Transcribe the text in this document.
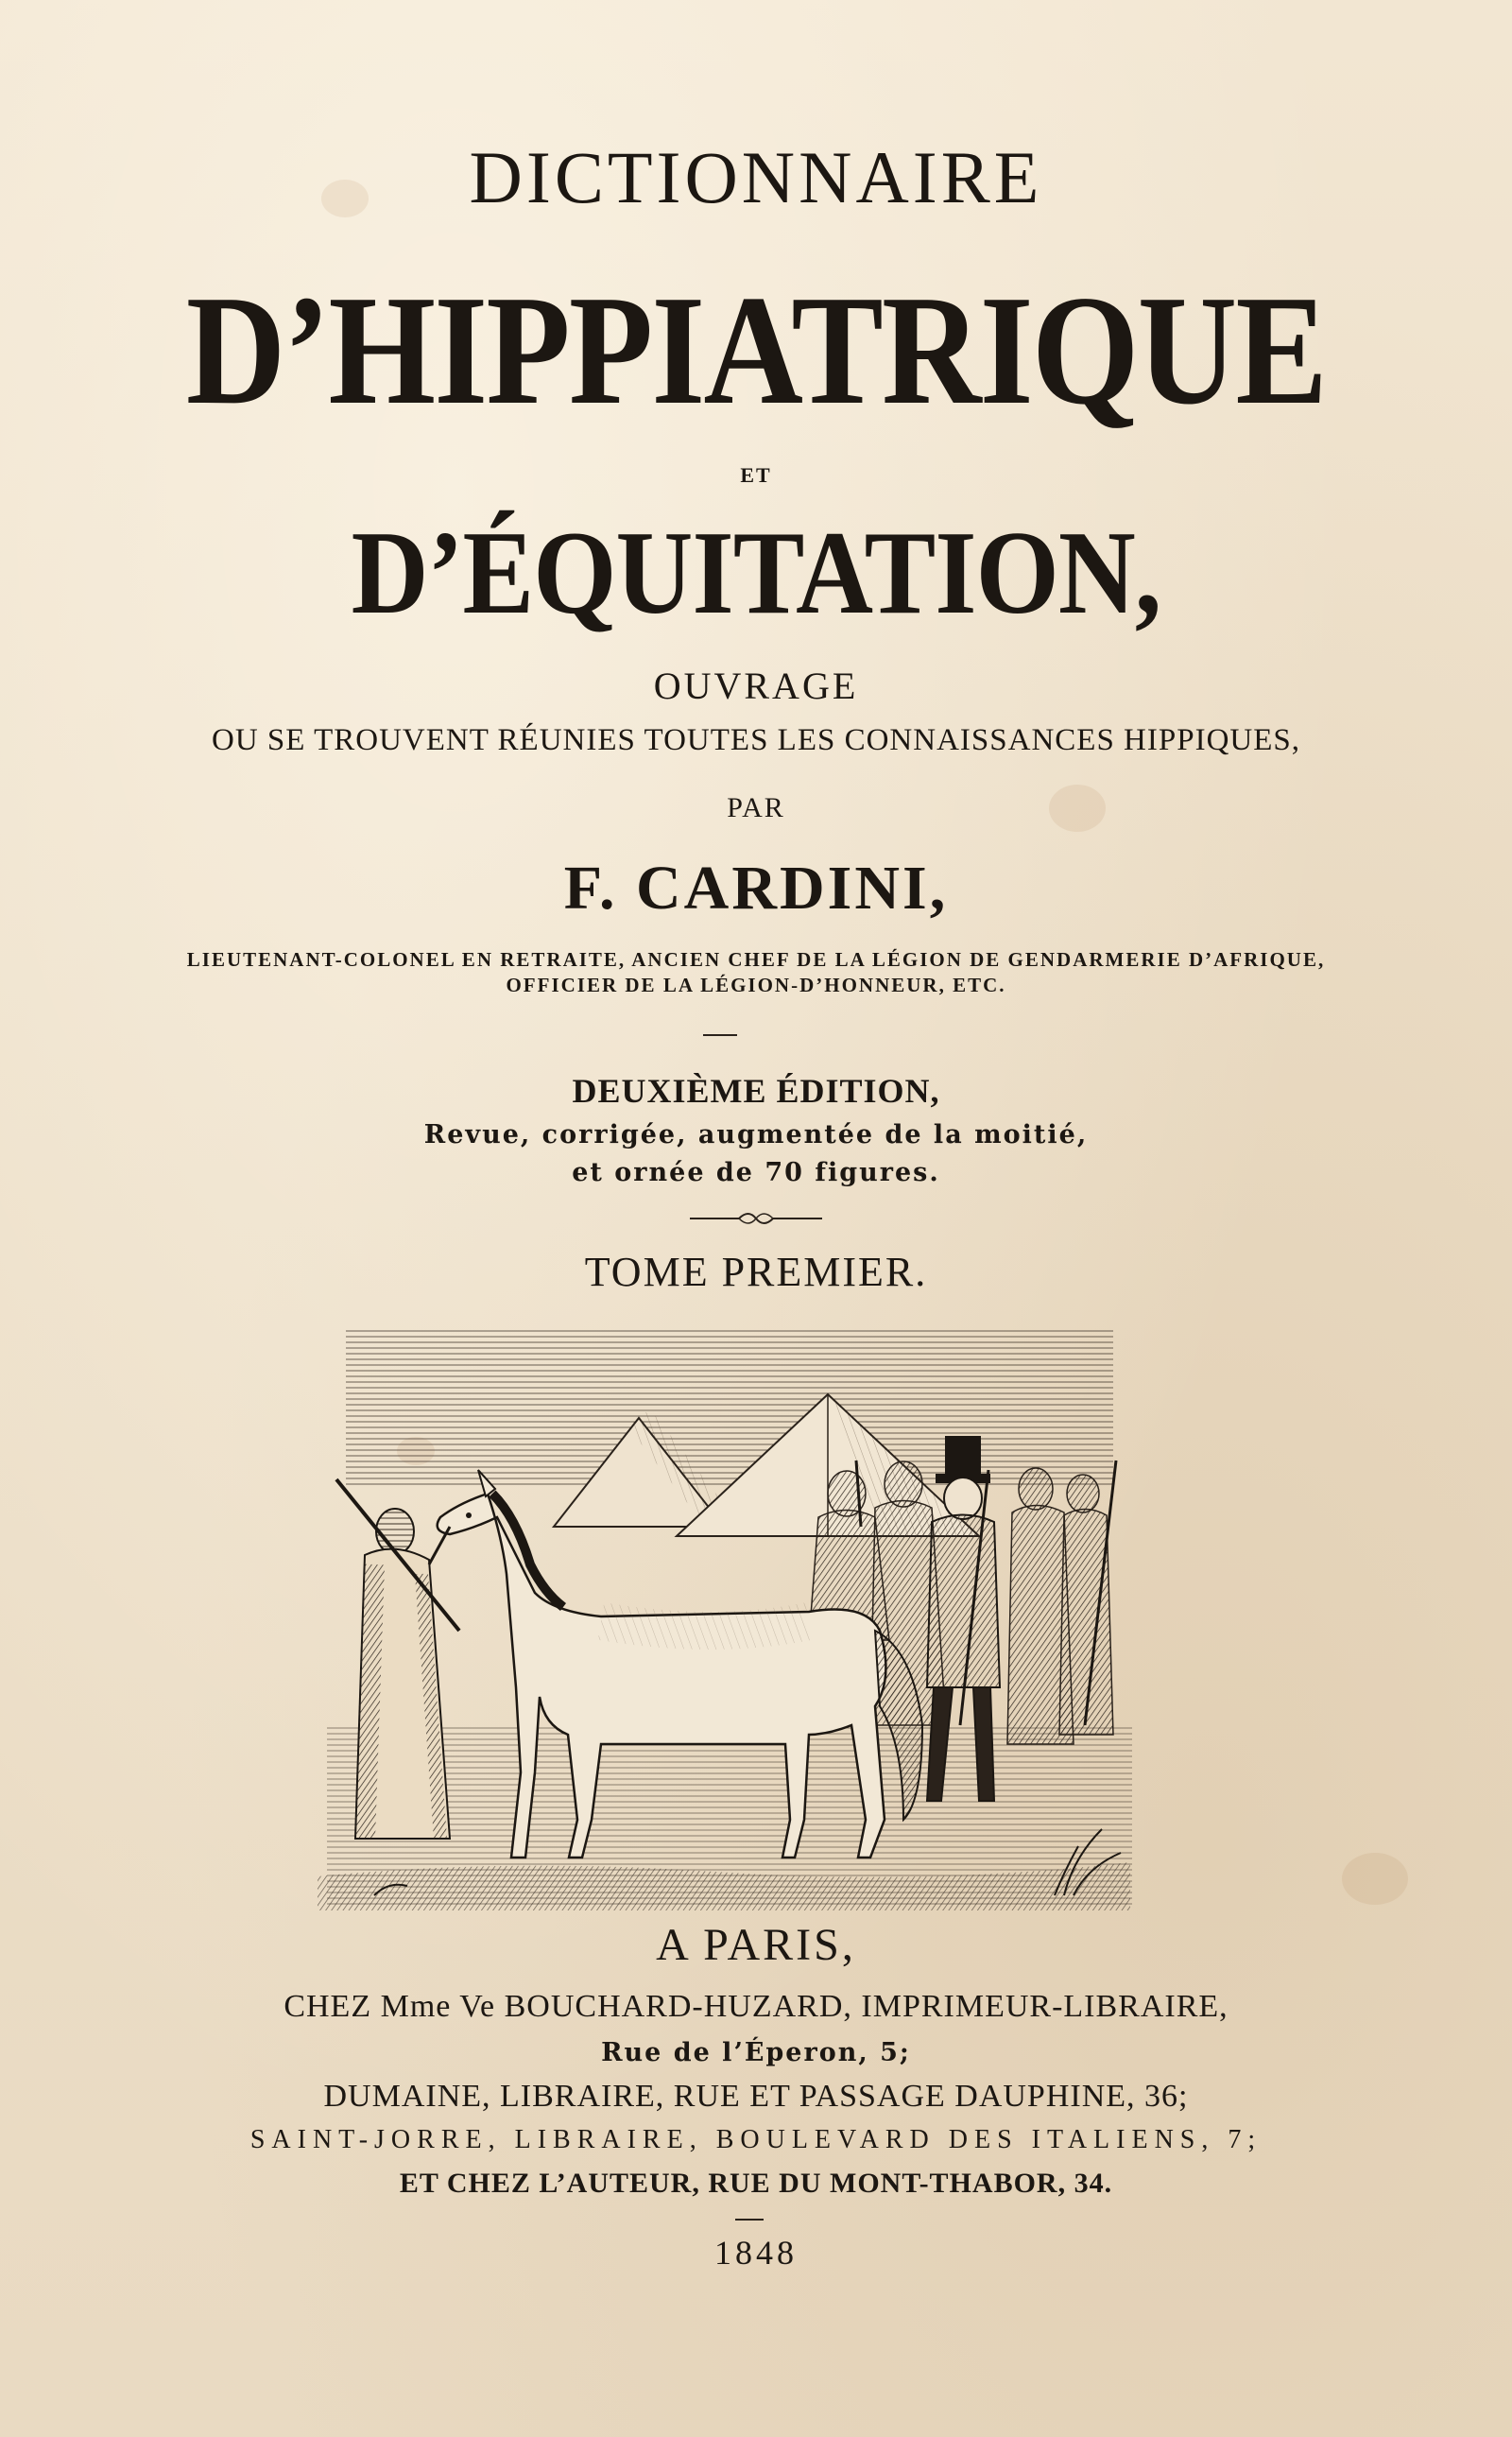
DICTIONNAIRE

D’HIPPIATRIQUE

ET

D’ÉQUITATION,

OUVRAGE

OU SE TROUVENT RÉUNIES TOUTES LES CONNAISSANCES HIPPIQUES,

PAR

F. CARDINI,

LIEUTENANT-COLONEL EN RETRAITE, ANCIEN CHEF DE LA LÉGION DE GENDARMERIE D’AFRIQUE,

OFFICIER DE LA LÉGION-D’HONNEUR, ETC.

DEUXIÈME ÉDITION,

Revue, corrigée, augmentée de la moitié,

et ornée de 70 figures.

TOME PREMIER.

A PARIS,

CHEZ Mme Ve BOUCHARD-HUZARD, IMPRIMEUR-LIBRAIRE,

Rue de l’Éperon, 5;

DUMAINE, LIBRAIRE, RUE ET PASSAGE DAUPHINE, 36;

SAINT-JORRE, LIBRAIRE, BOULEVARD DES ITALIENS, 7;

ET CHEZ L’AUTEUR, RUE DU MONT-THABOR, 34.

1848
